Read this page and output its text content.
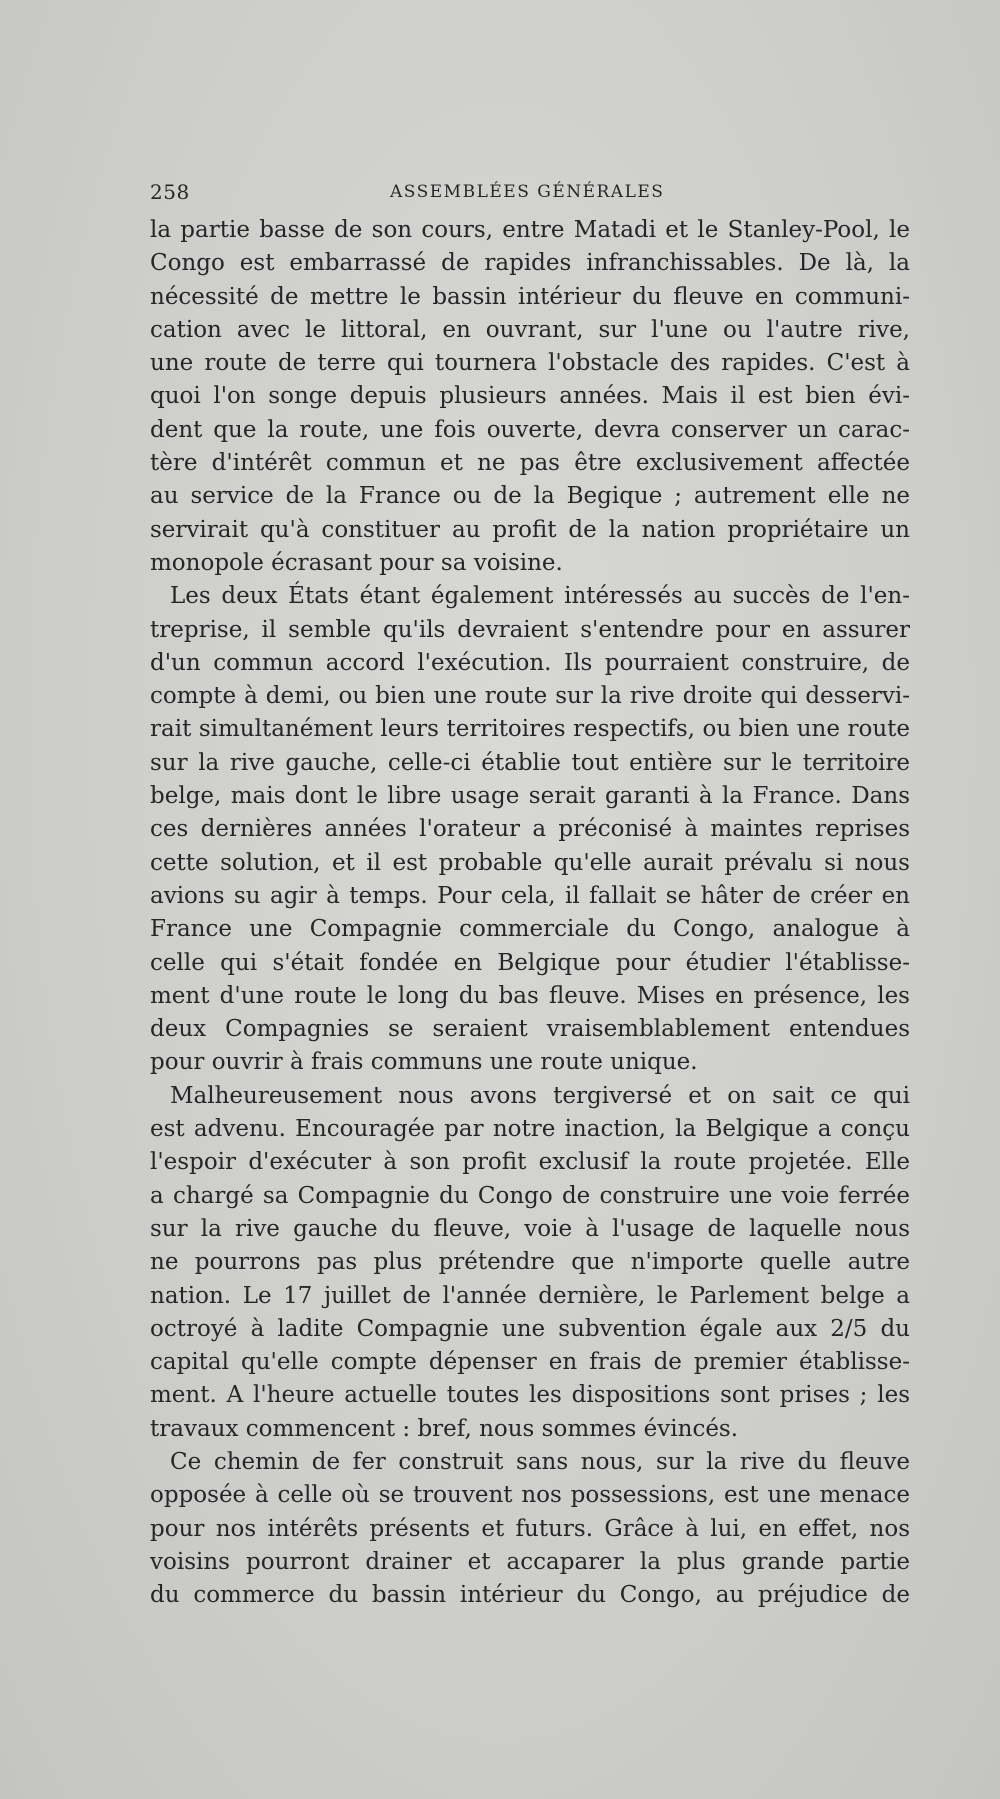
258	ASSEMBLÉES GÉNÉRALES
la partie basse de son cours, entre Matadi et le Stanley-Pool, le
Congo est embarrassé de rapides infranchissables. De là, la
nécessité de mettre le bassin intérieur du fleuve en communi-
cation avec le littoral, en ouvrant, sur l'une ou l'autre rive,
une route de terre qui tournera l'obstacle des rapides. C'est à
quoi l'on songe depuis plusieurs années. Mais il est bien évi-
dent que la route, une fois ouverte, devra conserver un carac-
tère d'intérêt commun et ne pas être exclusivement affectée
au service de la France ou de la Begique ; autrement elle ne
servirait qu'à constituer au profit de la nation propriétaire un
monopole écrasant pour sa voisine.
Les deux États étant également intéressés au succès de l'en-
treprise, il semble qu'ils devraient s'entendre pour en assurer
d'un commun accord l'exécution. Ils pourraient construire, de
compte à demi, ou bien une route sur la rive droite qui desservi-
rait simultanément leurs territoires respectifs, ou bien une route
sur la rive gauche, celle-ci établie tout entière sur le territoire
belge, mais dont le libre usage serait garanti à la France. Dans
ces dernières années l'orateur a préconisé à maintes reprises
cette solution, et il est probable qu'elle aurait prévalu si nous
avions su agir à temps. Pour cela, il fallait se hâter de créer en
France une Compagnie commerciale du Congo, analogue à
celle qui s'était fondée en Belgique pour étudier l'établisse-
ment d'une route le long du bas fleuve. Mises en présence, les
deux Compagnies se seraient vraisemblablement entendues
pour ouvrir à frais communs une route unique.
Malheureusement nous avons tergiversé et on sait ce qui
est advenu. Encouragée par notre inaction, la Belgique a conçu
l'espoir d'exécuter à son profit exclusif la route projetée. Elle
a chargé sa Compagnie du Congo de construire une voie ferrée
sur la rive gauche du fleuve, voie à l'usage de laquelle nous
ne pourrons pas plus prétendre que n'importe quelle autre
nation. Le 17 juillet de l'année dernière, le Parlement belge a
octroyé à ladite Compagnie une subvention égale aux 2/5 du
capital qu'elle compte dépenser en frais de premier établisse-
ment. A l'heure actuelle toutes les dispositions sont prises ; les
travaux commencent : bref, nous sommes évincés.
Ce chemin de fer construit sans nous, sur la rive du fleuve
opposée à celle où se trouvent nos possessions, est une menace
pour nos intérêts présents et futurs. Grâce à lui, en effet, nos
voisins pourront drainer et accaparer la plus grande partie
du commerce du bassin intérieur du Congo, au préjudice de
